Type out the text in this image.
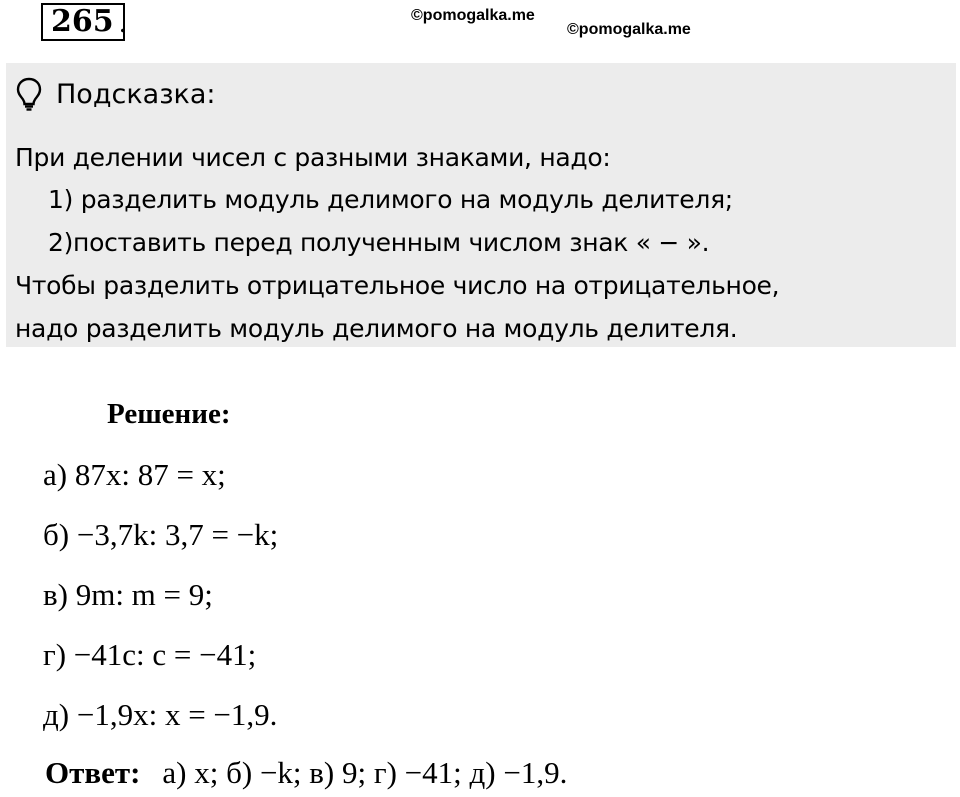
265 .	©pomogalka.me
©pomogalka.me
Подсказка:
При делении чисел с разными знаками, надо:
1) разделить модуль делимого на модуль делителя;
2)поставить перед полученным числом знак « − ».
Чтобы разделить отрицательное число на отрицательное,
надо разделить модуль делимого на модуль делителя.
Решение:
а) 87x: 87 = x;
б) −3,7k: 3,7 = −k;
в) 9m: m = 9;
г) −41c: c = −41;
д) −1,9x: x = −1,9.
Ответ: а) x; б) −k; в) 9; г) −41; д) −1,9.
